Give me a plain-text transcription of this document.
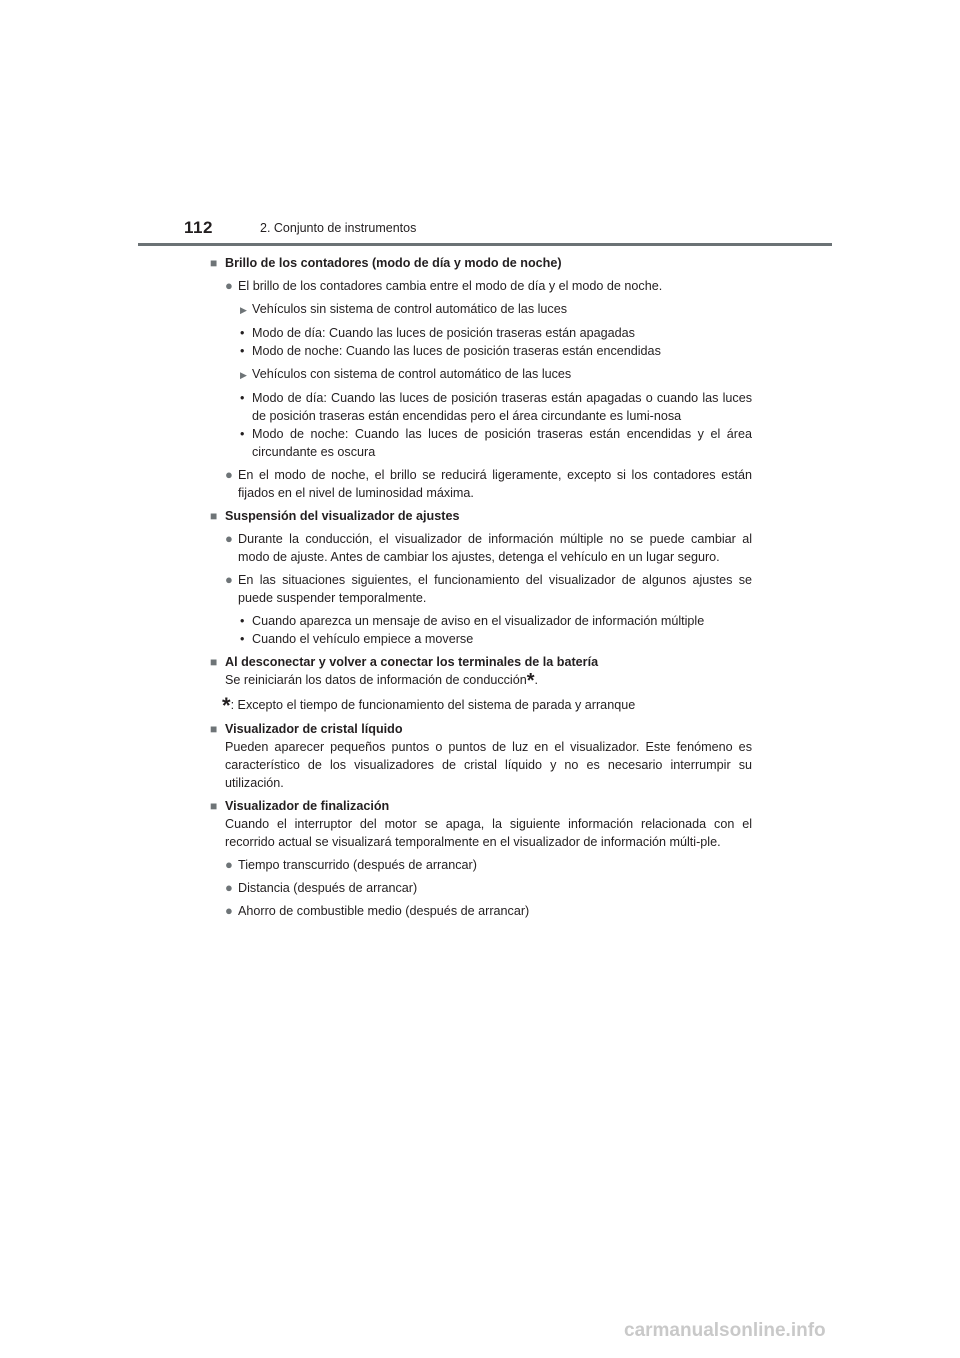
112	2. Conjunto de instrumentos
■ Brillo de los contadores (modo de día y modo de noche)
● El brillo de los contadores cambia entre el modo de día y el modo de noche.
▶ Vehículos sin sistema de control automático de las luces
• Modo de día: Cuando las luces de posición traseras están apagadas
• Modo de noche: Cuando las luces de posición traseras están encendidas
▶ Vehículos con sistema de control automático de las luces
• Modo de día: Cuando las luces de posición traseras están apagadas o cuando las luces de posición traseras están encendidas pero el área circundante es lumi-nosa
• Modo de noche: Cuando las luces de posición traseras están encendidas y el área circundante es oscura
● En el modo de noche, el brillo se reducirá ligeramente, excepto si los contadores están fijados en el nivel de luminosidad máxima.
■ Suspensión del visualizador de ajustes
● Durante la conducción, el visualizador de información múltiple no se puede cambiar al modo de ajuste. Antes de cambiar los ajustes, detenga el vehículo en un lugar seguro.
● En las situaciones siguientes, el funcionamiento del visualizador de algunos ajustes se puede suspender temporalmente.
• Cuando aparezca un mensaje de aviso en el visualizador de información múltiple
• Cuando el vehículo empiece a moverse
■ Al desconectar y volver a conectar los terminales de la batería

Se reiniciarán los datos de información de conducción*.

*: Excepto el tiempo de funcionamiento del sistema de parada y arranque
■ Visualizador de cristal líquido

Pueden aparecer pequeños puntos o puntos de luz en el visualizador. Este fenómeno es característico de los visualizadores de cristal líquido y no es necesario interrumpir su utilización.

■ Visualizador de finalización

Cuando el interruptor del motor se apaga, la siguiente información relacionada con el recorrido actual se visualizará temporalmente en el visualizador de información múlti-ple.

● Tiempo transcurrido (después de arrancar)
● Distancia (después de arrancar)
● Ahorro de combustible medio (después de arrancar)
carmanualsonline.info
